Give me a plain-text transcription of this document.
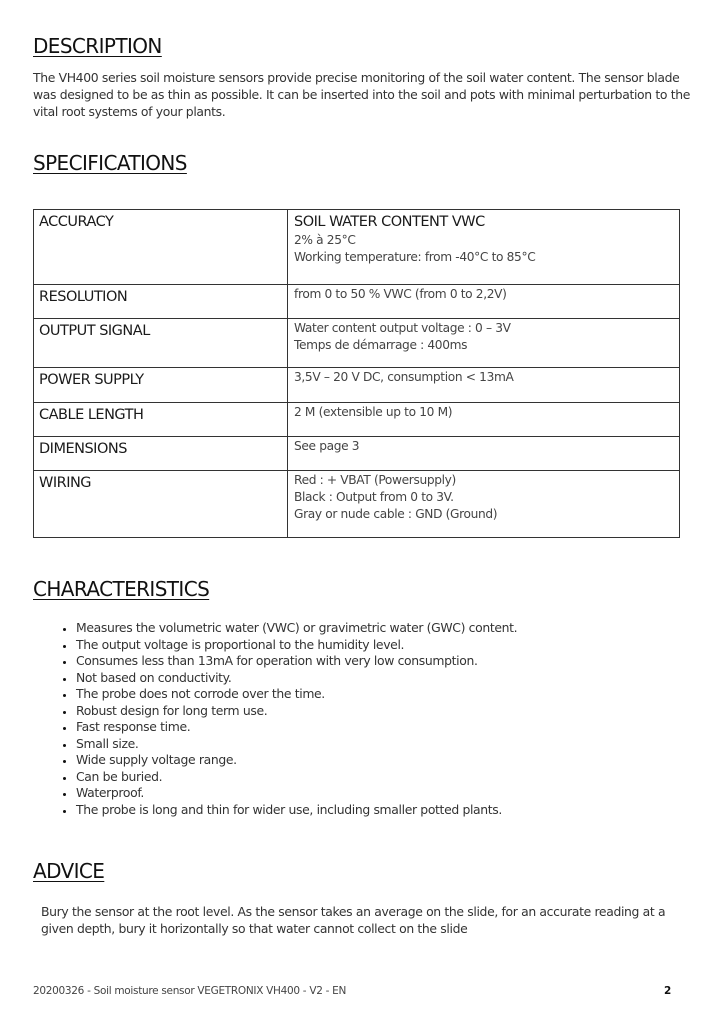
DESCRIPTION

The VH400 series soil moisture sensors provide precise monitoring of the soil water content. The sensor blade was designed to be as thin as possible. It can be inserted into the soil and pots with minimal perturbation to the vital root systems of your plants.

SPECIFICATIONS
ACCURACY	SOIL WATER CONTENT VWC
2% à 25°C
Working temperature: from -40°C to 85°C

RESOLUTION	from 0 to 50 % VWC (from 0 to 2,2V)

OUTPUT SIGNAL	Water content output voltage : 0 – 3V
Temps de démarrage : 400ms

POWER SUPPLY	3,5V – 20 V DC, consumption < 13mA

CABLE LENGTH	2 M (extensible up to 10 M)

DIMENSIONS	See page 3

WIRING	Red : + VBAT (Powersupply)
Black : Output from 0 to 3V.
Gray or nude cable : GND (Ground)
CHARACTERISTICS
• Measures the volumetric water (VWC) or gravimetric water (GWC) content.
• The output voltage is proportional to the humidity level.
• Consumes less than 13mA for operation with very low consumption.
• Not based on conductivity.
• The probe does not corrode over the time.
• Robust design for long term use.
• Fast response time.
• Small size.
• Wide supply voltage range.
• Can be buried.
• Waterproof.
• The probe is long and thin for wider use, including smaller potted plants.
ADVICE

Bury the sensor at the root level. As the sensor takes an average on the slide, for an accurate reading at a given depth, bury it horizontally so that water cannot collect on the slide

20200326 - Soil moisture sensor VEGETRONIX VH400 - V2 - EN	2
